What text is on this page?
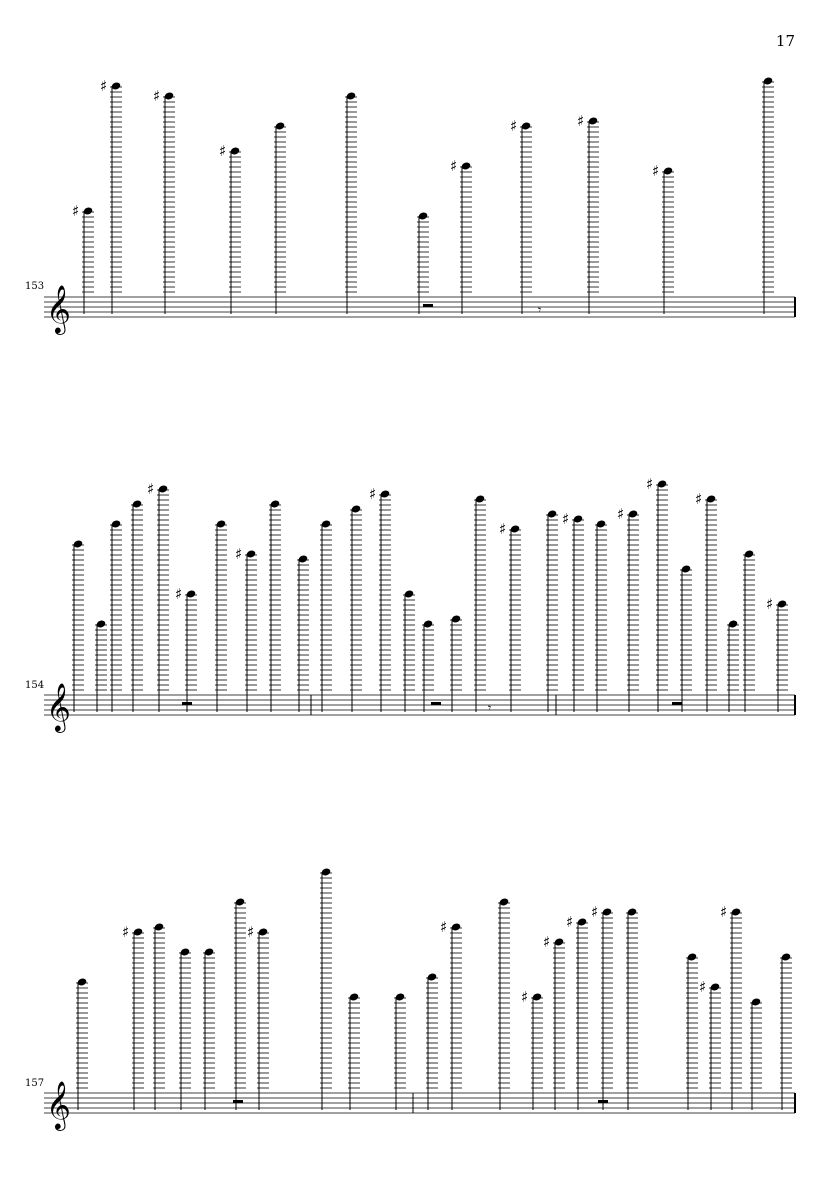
17
153
154
157
𝄞
♯
♯
♯
♯
♯
♯	♯
♯
𝄾
𝄞
♯
♯
♯
♯
♯
♯	♯
♯
♯
♯
𝄾
𝄞
♯	♯	♯
♯
♯
♯
♯
♯
♯
